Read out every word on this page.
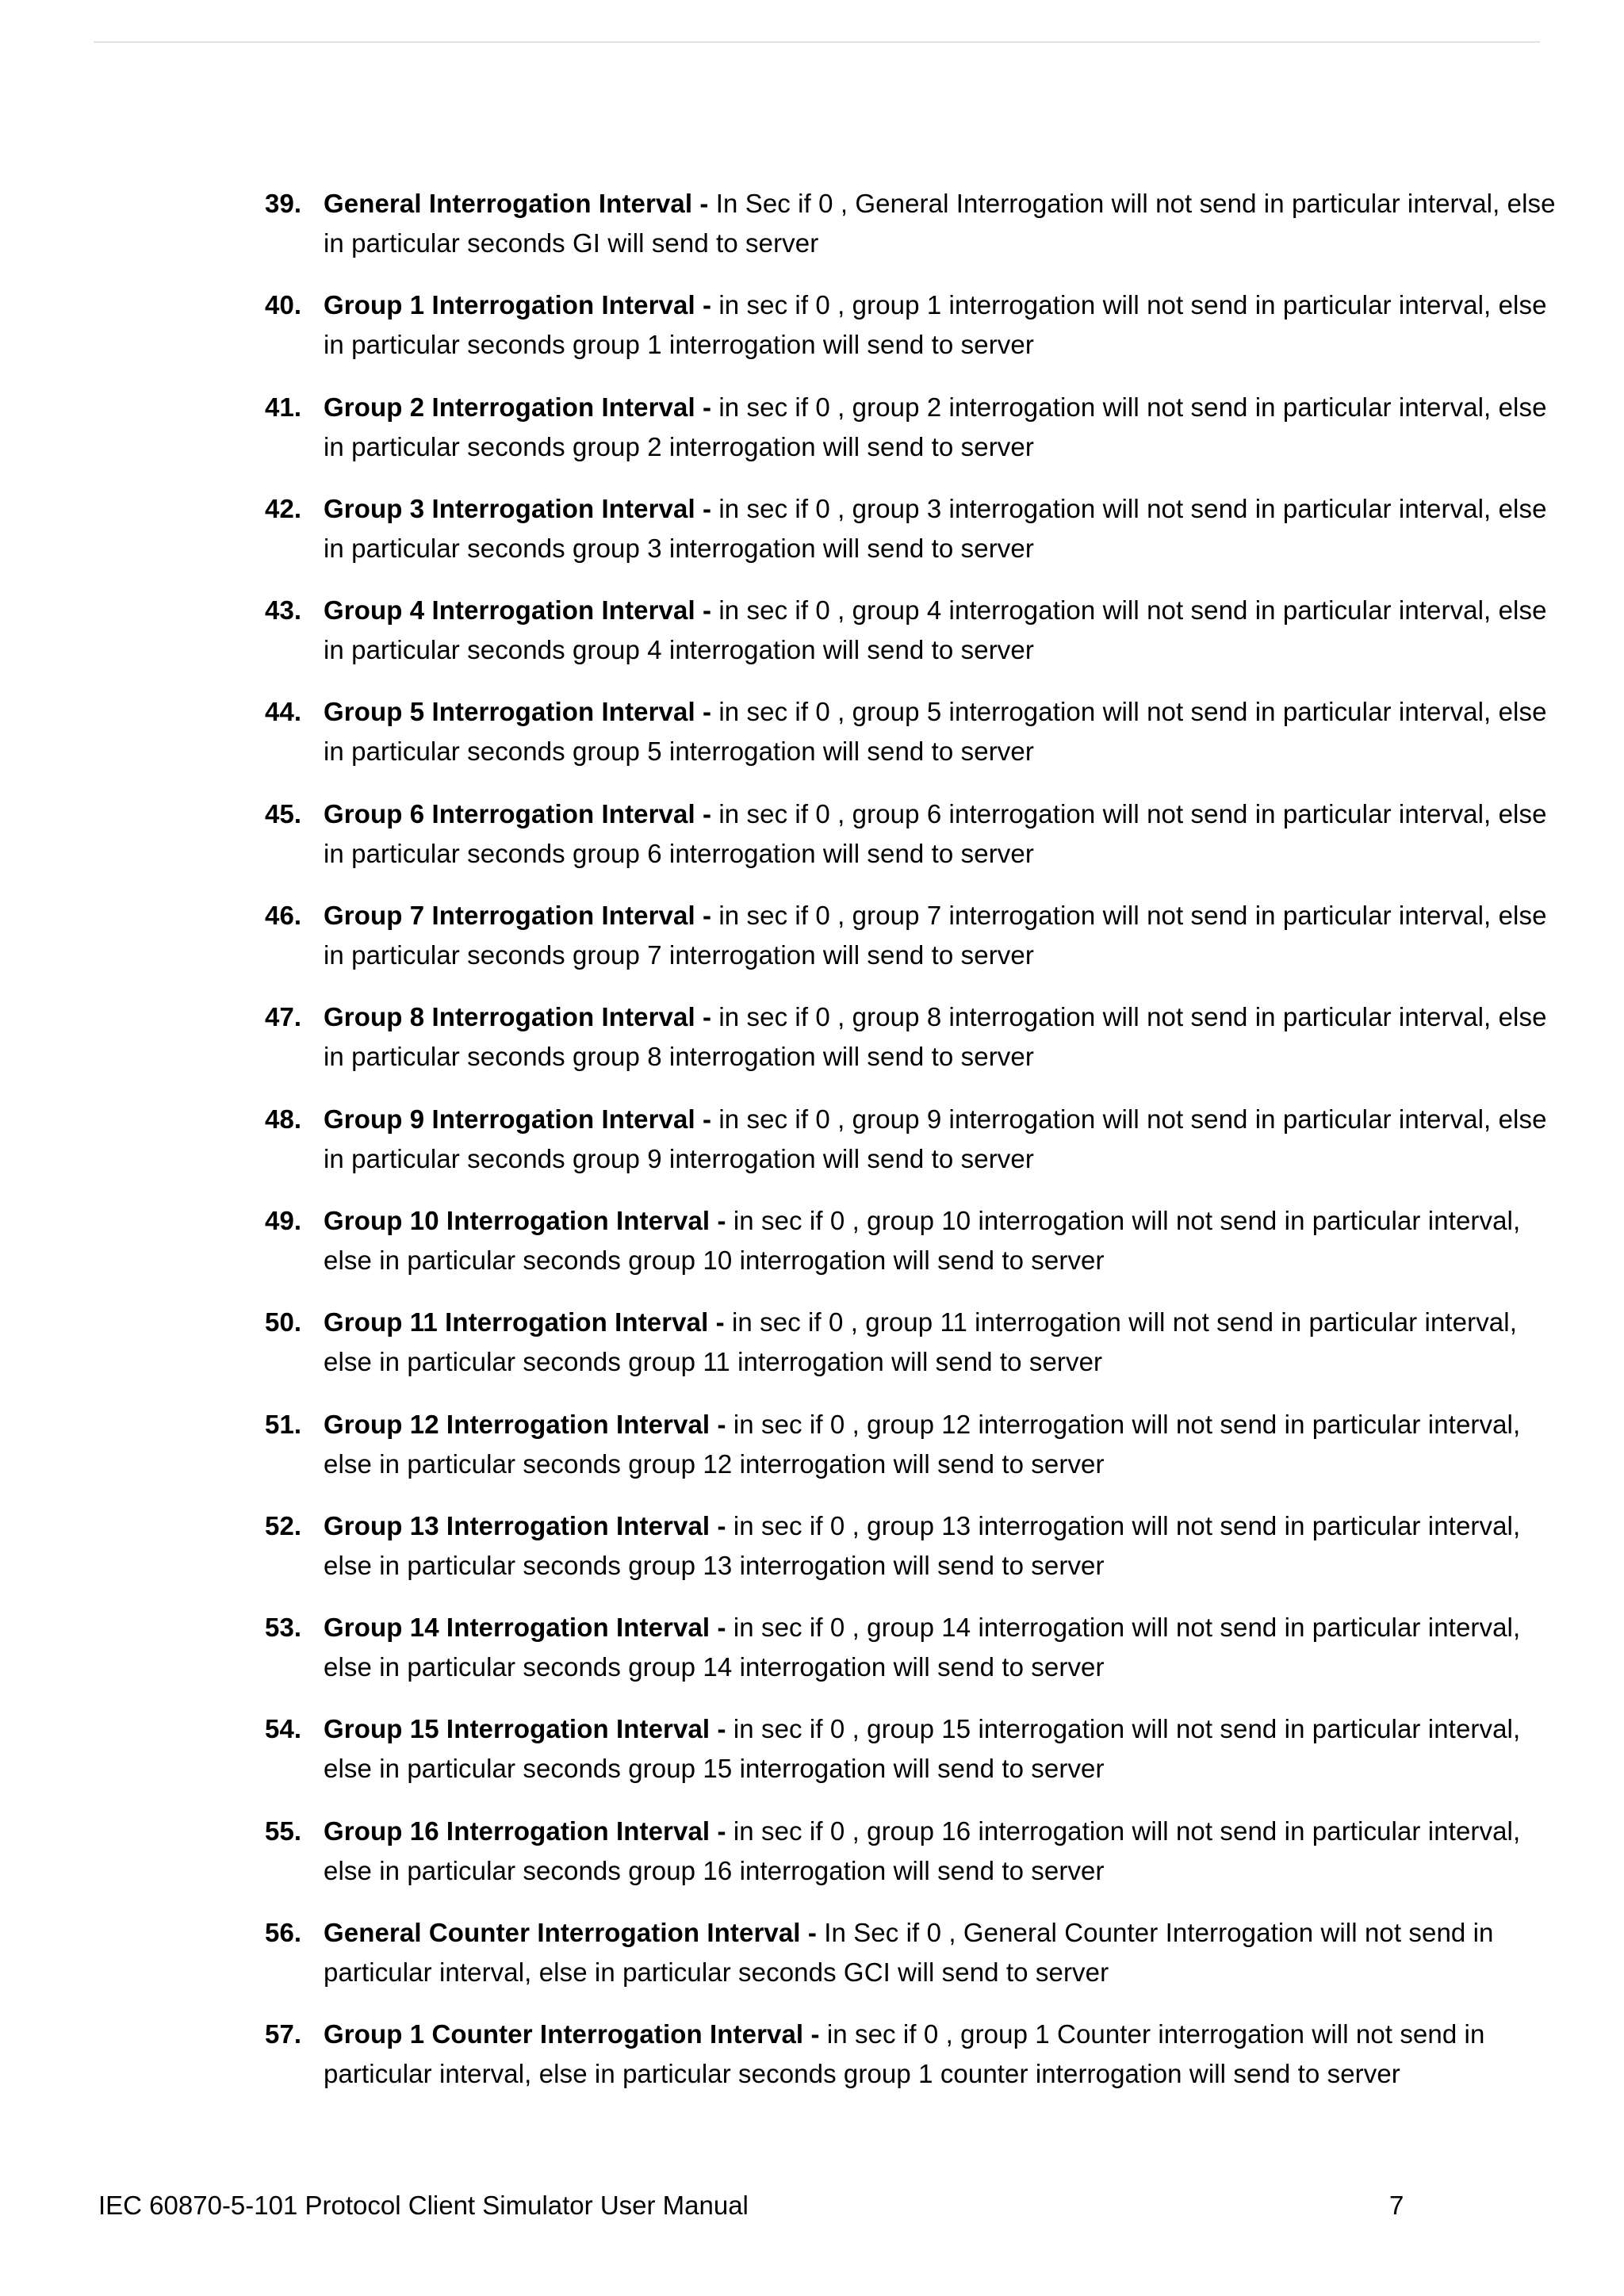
39. General Interrogation Interval - In Sec if 0 , General Interrogation will not send in particular interval, else in particular seconds GI will send to server
40. Group 1 Interrogation Interval - in sec if 0 , group 1 interrogation will not send in particular interval, else in particular seconds group 1 interrogation will send to server
41. Group 2 Interrogation Interval - in sec if 0 , group 2 interrogation will not send in particular interval, else in particular seconds group 2 interrogation will send to server
42. Group 3 Interrogation Interval - in sec if 0 , group 3 interrogation will not send in particular interval, else in particular seconds group 3 interrogation will send to server
43. Group 4 Interrogation Interval - in sec if 0 , group 4 interrogation will not send in particular interval, else in particular seconds group 4 interrogation will send to server
44. Group 5 Interrogation Interval - in sec if 0 , group 5 interrogation will not send in particular interval, else in particular seconds group 5 interrogation will send to server
45. Group 6 Interrogation Interval - in sec if 0 , group 6 interrogation will not send in particular interval, else in particular seconds group 6 interrogation will send to server
46. Group 7 Interrogation Interval - in sec if 0 , group 7 interrogation will not send in particular interval, else in particular seconds group 7 interrogation will send to server
47. Group 8 Interrogation Interval - in sec if 0 , group 8 interrogation will not send in particular interval, else in particular seconds group 8 interrogation will send to server
48. Group 9 Interrogation Interval - in sec if 0 , group 9 interrogation will not send in particular interval, else in particular seconds group 9 interrogation will send to server
49. Group 10 Interrogation Interval - in sec if 0 , group 10 interrogation will not send in particular interval, else in particular seconds group 10 interrogation will send to server
50. Group 11 Interrogation Interval - in sec if 0 , group 11 interrogation will not send in particular interval, else in particular seconds group 11 interrogation will send to server
51. Group 12 Interrogation Interval - in sec if 0 , group 12 interrogation will not send in particular interval, else in particular seconds group 12 interrogation will send to server
52. Group 13 Interrogation Interval - in sec if 0 , group 13 interrogation will not send in particular interval, else in particular seconds group 13 interrogation will send to server
53. Group 14 Interrogation Interval - in sec if 0 , group 14 interrogation will not send in particular interval, else in particular seconds group 14 interrogation will send to server
54. Group 15 Interrogation Interval - in sec if 0 , group 15 interrogation will not send in particular interval, else in particular seconds group 15 interrogation will send to server
55. Group 16 Interrogation Interval - in sec if 0 , group 16 interrogation will not send in particular interval, else in particular seconds group 16 interrogation will send to server
56. General Counter Interrogation Interval - In Sec if 0 , General Counter Interrogation will not send in particular interval, else in particular seconds GCI will send to server
57. Group 1 Counter Interrogation Interval - in sec if 0 , group 1 Counter interrogation will not send in particular interval, else in particular seconds group 1 counter interrogation will send to server
IEC 60870-5-101 Protocol Client Simulator User Manual	7
